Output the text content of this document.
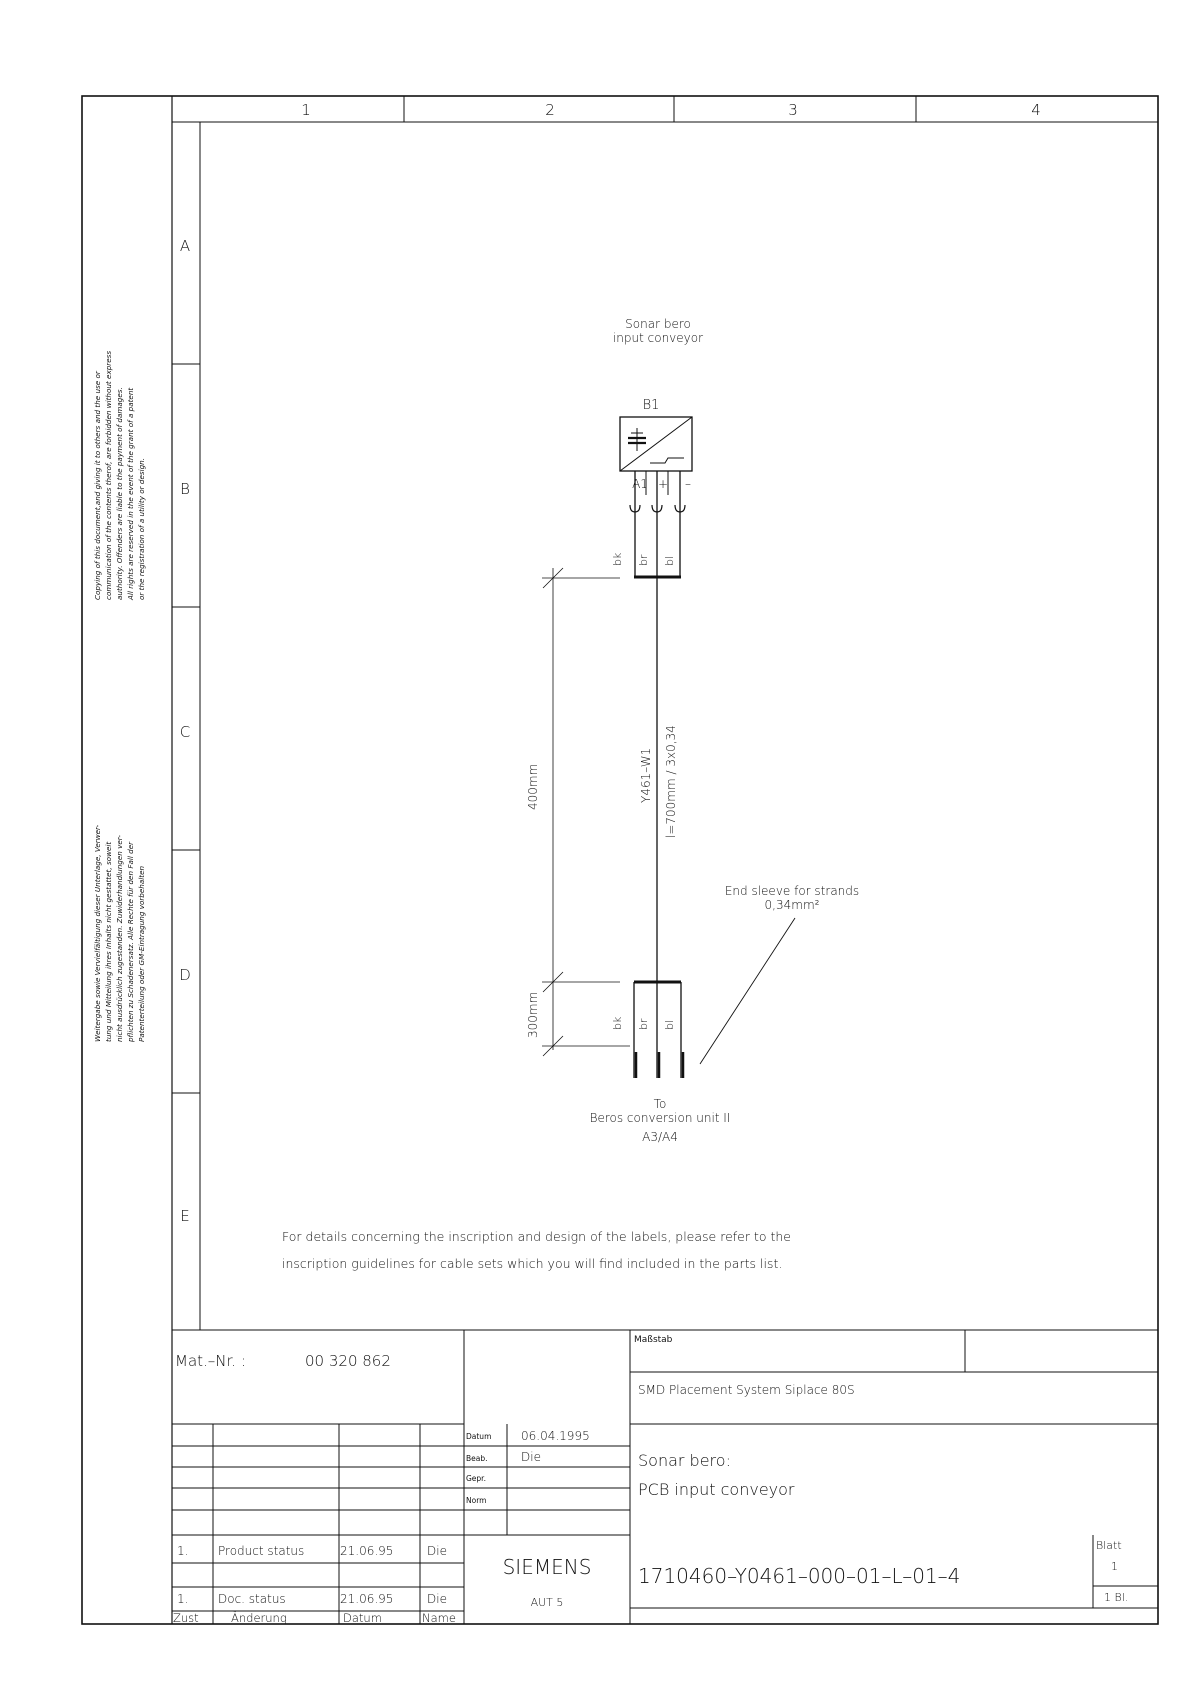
1	2	3	4
A
B
C
D
E
Copying of this document,and giving it to others and the use or communication of the contents therof, are forbidden without express authority. Offenders are liable to the payment of damages. All rights are reserved in the event of the grant of a patent or the registration of a utility or design.
Weitergabe sowie Vervielfältigung dieser Unterlage, Verwer- tung und Mitteilung ihres Inhalts nicht gestattet, soweit nicht ausdrücklich zugestanden. Zuwiderhandlungen ver- pflichten zu Schadenersatz. Alle Rechte für den Fall der Patenterteilung oder GM-Eintragung vorbehalten
Sonar bero
input conveyor
B1
A1 + –
bk br bl
Y461–W1 l=700mm / 3x0,34
400mm
300mm	bk br bl
End sleeve for strands
0,34mm²
To
Beros conversion unit II
A3/A4
For details concerning the inscription and design of the labels, please refer to the
inscription guidelines for cable sets which you will find included in the parts list.
Mat.–Nr. :	00 320 862
Maßstab
SMD Placement System Siplace 80S
Datum 06.04.1995
Beab.	Die
Gepr.
Norm
Sonar bero:
PCB input conveyor
1. Product status	21.06.95	Die
1. Doc. status	21.06.95	Die
Zust	Änderung	Datum	Name
SIEMENS
AUT 5
1710460–Y0461–000–01–L–01–4
Blatt
1
1 Bl.
